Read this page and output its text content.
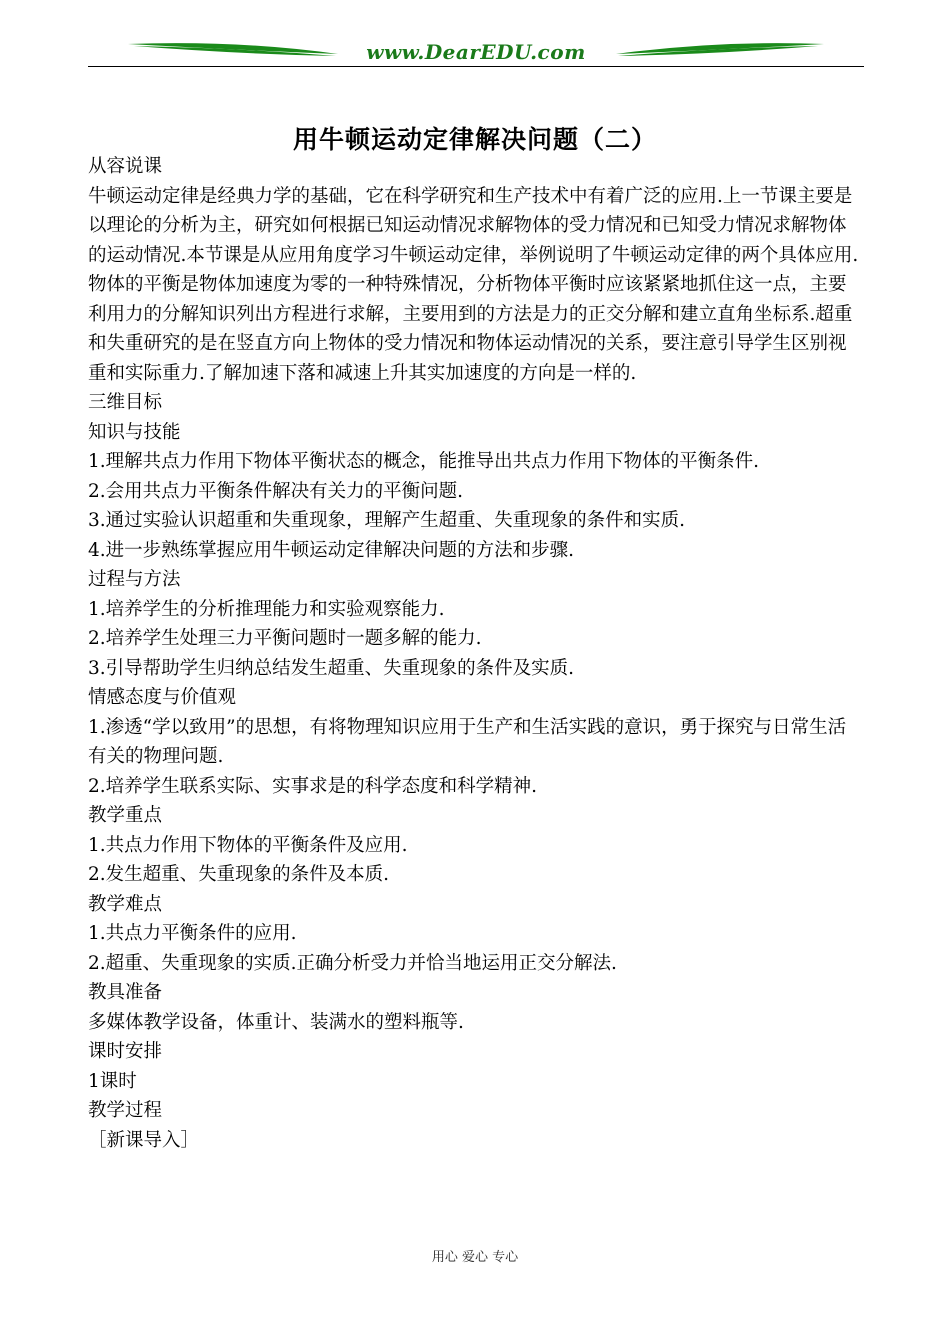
www.DearEDU.com
用牛顿运动定律解决问题（二）

从容说课

牛顿运动定律是经典力学的基础，它在科学研究和生产技术中有着广泛的应用.上一节课主要是以理论的分析为主，研究如何根据已知运动情况求解物体的受力情况和已知受力情况求解物体的运动情况.本节课是从应用角度学习牛顿运动定律，举例说明了牛顿运动定律的两个具体应用.物体的平衡是物体加速度为零的一种特殊情况，分析物体平衡时应该紧紧地抓住这一点，主要利用力的分解知识列出方程进行求解，主要用到的方法是力的正交分解和建立直角坐标系.超重和失重研究的是在竖直方向上物体的受力情况和物体运动情况的关系，要注意引导学生区别视重和实际重力.了解加速下落和减速上升其实加速度的方向是一样的.

三维目标

知识与技能

1.理解共点力作用下物体平衡状态的概念，能推导出共点力作用下物体的平衡条件.

2.会用共点力平衡条件解决有关力的平衡问题.

3.通过实验认识超重和失重现象，理解产生超重、失重现象的条件和实质.

4.进一步熟练掌握应用牛顿运动定律解决问题的方法和步骤.

过程与方法

1.培养学生的分析推理能力和实验观察能力.

2.培养学生处理三力平衡问题时一题多解的能力.

3.引导帮助学生归纳总结发生超重、失重现象的条件及实质.

情感态度与价值观

1.渗透“学以致用”的思想，有将物理知识应用于生产和生活实践的意识，勇于探究与日常生活有关的物理问题.

2.培养学生联系实际、实事求是的科学态度和科学精神.

教学重点

1.共点力作用下物体的平衡条件及应用.

2.发生超重、失重现象的条件及本质.

教学难点

1.共点力平衡条件的应用.

2.超重、失重现象的实质.正确分析受力并恰当地运用正交分解法.

教具准备

多媒体教学设备，体重计、装满水的塑料瓶等.

课时安排

1课时

教学过程

［新课导入］

用心 爱心 专心
